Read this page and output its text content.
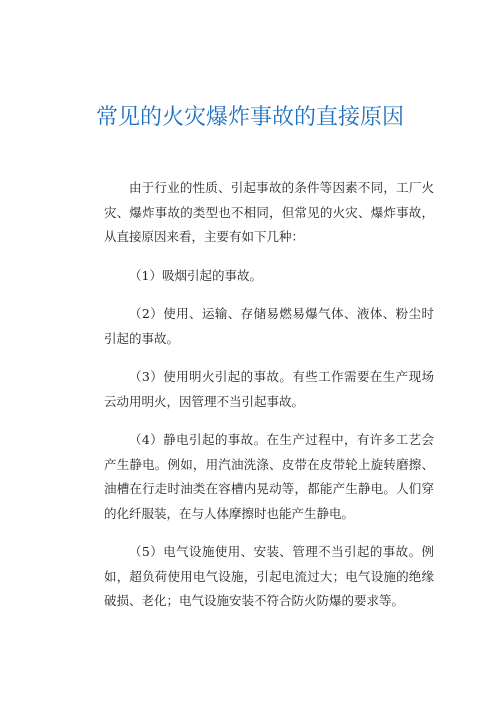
常见的火灾爆炸事故的直接原因

由于行业的性质、引起事故的条件等因素不同，工厂火灾、爆炸事故的类型也不相同，但常见的火灾、爆炸事故，从直接原因来看，主要有如下几种：

（1）吸烟引起的事故。

（2）使用、运输、存储易燃易爆气体、液体、粉尘时引起的事故。

（3）使用明火引起的事故。有些工作需要在生产现场云动用明火，因管理不当引起事故。

（4）静电引起的事故。在生产过程中，有许多工艺会产生静电。例如，用汽油洗涤、皮带在皮带轮上旋转磨擦、油槽在行走时油类在容槽内晃动等，都能产生静电。人们穿的化纤服装，在与人体摩擦时也能产生静电。

（5）电气设施使用、安装、管理不当引起的事故。例如，超负荷使用电气设施，引起电流过大；电气设施的绝缘破损、老化；电气设施安装不符合防火防爆的要求等。
